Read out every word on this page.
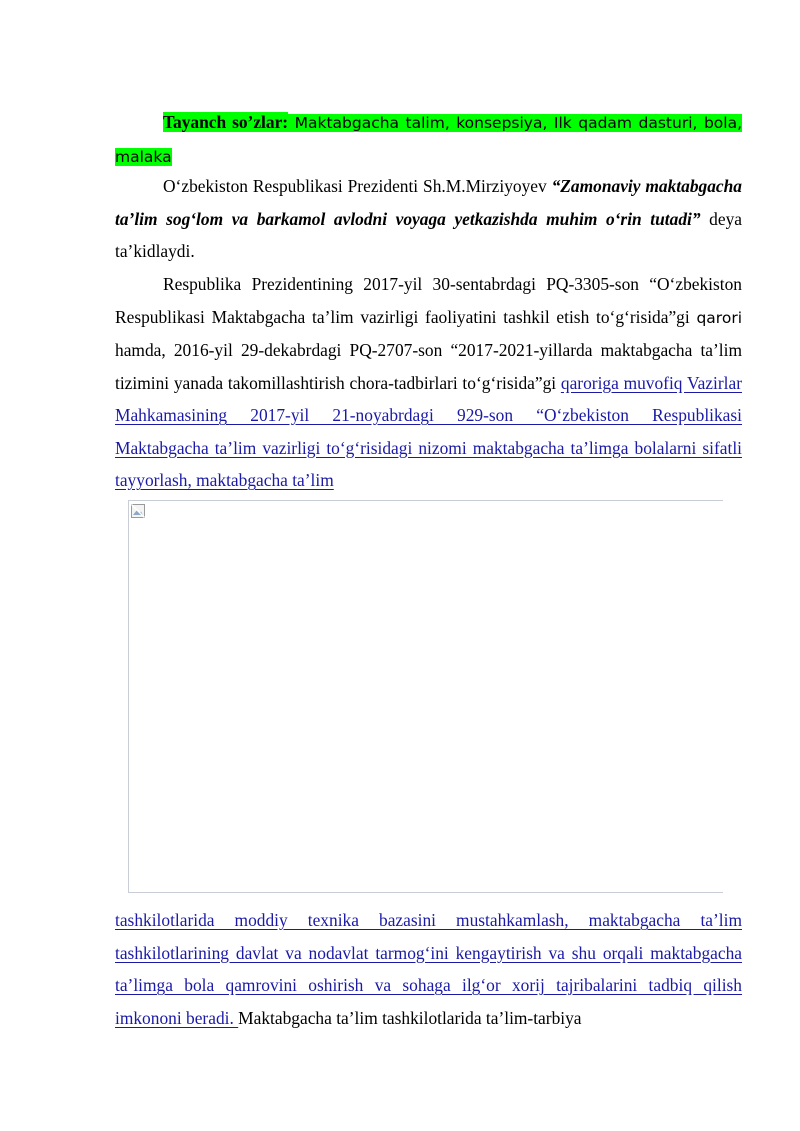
Tayanch so’zlar: Maktabgacha talim, konsepsiya, Ilk qadam dasturi, bola, malaka

O‘zbekiston Respublikasi Prezidenti Sh.M.Mirziyoyev “Zamonaviy maktabgacha ta’lim sog‘lom va barkamol avlodni voyaga yetkazishda muhim o‘rin tutadi” deya ta’kidlaydi.

Respublika Prezidentining 2017-yil 30-sentabrdagi PQ-3305-son “O‘zbekiston Respublikasi Maktabgacha ta’lim vazirligi faoliyatini tashkil etish to‘g‘risida”gi qarori hamda, 2016-yil 29-dekabrdagi PQ-2707-son “2017-2021-yillarda maktabgacha ta’lim tizimini yanada takomillashtirish chora-tadbirlari to‘g‘risida”gi qaroriga muvofiq Vazirlar Mahkamasining 2017-yil 21-noyabrdagi 929-son “O‘zbekiston Respublikasi Maktabgacha ta’lim vazirligi to‘g‘risidagi nizomi maktabgacha ta’limga bolalarni sifatli tayyorlash, maktabgacha ta’lim

tashkilotlarida moddiy texnika bazasini mustahkamlash, maktabgacha ta’lim tashkilotlarining davlat va nodavlat tarmog‘ini kengaytirish va shu orqali maktabgacha ta’limga bola qamrovini oshirish va sohaga ilg‘or xorij tajribalarini tadbiq qilish imkononi beradi. Maktabgacha ta’lim tashkilotlarida ta’lim-tarbiya
